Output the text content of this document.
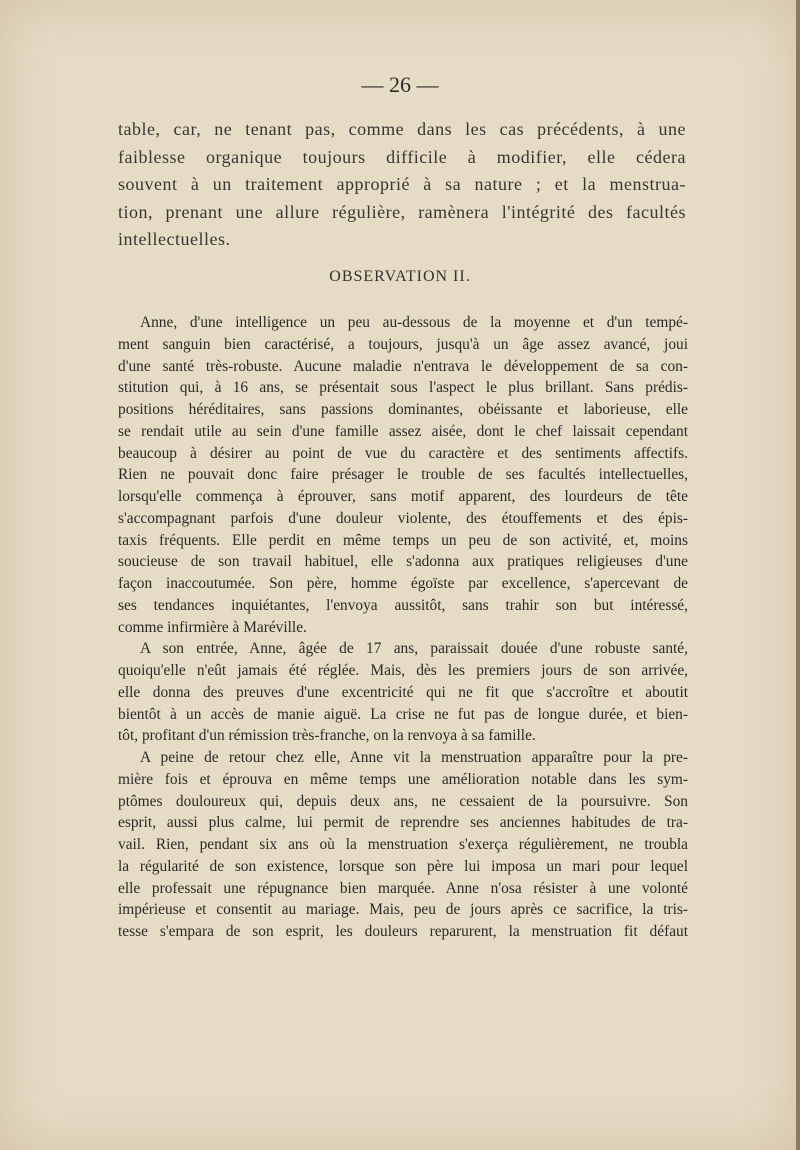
— 26 —
table, car, ne tenant pas, comme dans les cas précédents, à une
faiblesse organique toujours difficile à modifier, elle cédera
souvent à un traitement approprié à sa nature ; et la menstrua-
tion, prenant une allure régulière, ramènera l'intégrité des facultés
intellectuelles.
OBSERVATION II.
Anne, d'une intelligence un peu au-dessous de la moyenne et d'un tempé-
ment sanguin bien caractérisé, a toujours, jusqu'à un âge assez avancé, joui
d'une santé très-robuste. Aucune maladie n'entrava le développement de sa con-
stitution qui, à 16 ans, se présentait sous l'aspect le plus brillant. Sans prédis-
positions héréditaires, sans passions dominantes, obéissante et laborieuse, elle
se rendait utile au sein d'une famille assez aisée, dont le chef laissait cependant
beaucoup à désirer au point de vue du caractère et des sentiments affectifs.
Rien ne pouvait donc faire présager le trouble de ses facultés intellectuelles,
lorsqu'elle commença à éprouver, sans motif apparent, des lourdeurs de tête
s'accompagnant parfois d'une douleur violente, des étouffements et des épis-
taxis fréquents. Elle perdit en même temps un peu de son activité, et, moins
soucieuse de son travail habituel, elle s'adonna aux pratiques religieuses d'une
façon inaccoutumée. Son père, homme égoïste par excellence, s'apercevant de
ses tendances inquiétantes, l'envoya aussitôt, sans trahir son but intéressé,
comme infirmière à Maréville.
A son entrée, Anne, âgée de 17 ans, paraissait douée d'une robuste santé,
quoiqu'elle n'eût jamais été réglée. Mais, dès les premiers jours de son arrivée,
elle donna des preuves d'une excentricité qui ne fit que s'accroître et aboutit
bientôt à un accès de manie aiguë. La crise ne fut pas de longue durée, et bien-
tôt, profitant d'un rémission très-franche, on la renvoya à sa famille.
A peine de retour chez elle, Anne vit la menstruation apparaître pour la pre-
mière fois et éprouva en même temps une amélioration notable dans les sym-
ptômes douloureux qui, depuis deux ans, ne cessaient de la poursuivre. Son
esprit, aussi plus calme, lui permit de reprendre ses anciennes habitudes de tra-
vail. Rien, pendant six ans où la menstruation s'exerça régulièrement, ne troubla
la régularité de son existence, lorsque son père lui imposa un mari pour lequel
elle professait une répugnance bien marquée. Anne n'osa résister à une volonté
impérieuse et consentit au mariage. Mais, peu de jours après ce sacrifice, la tris-
tesse s'empara de son esprit, les douleurs reparurent, la menstruation fit défaut
